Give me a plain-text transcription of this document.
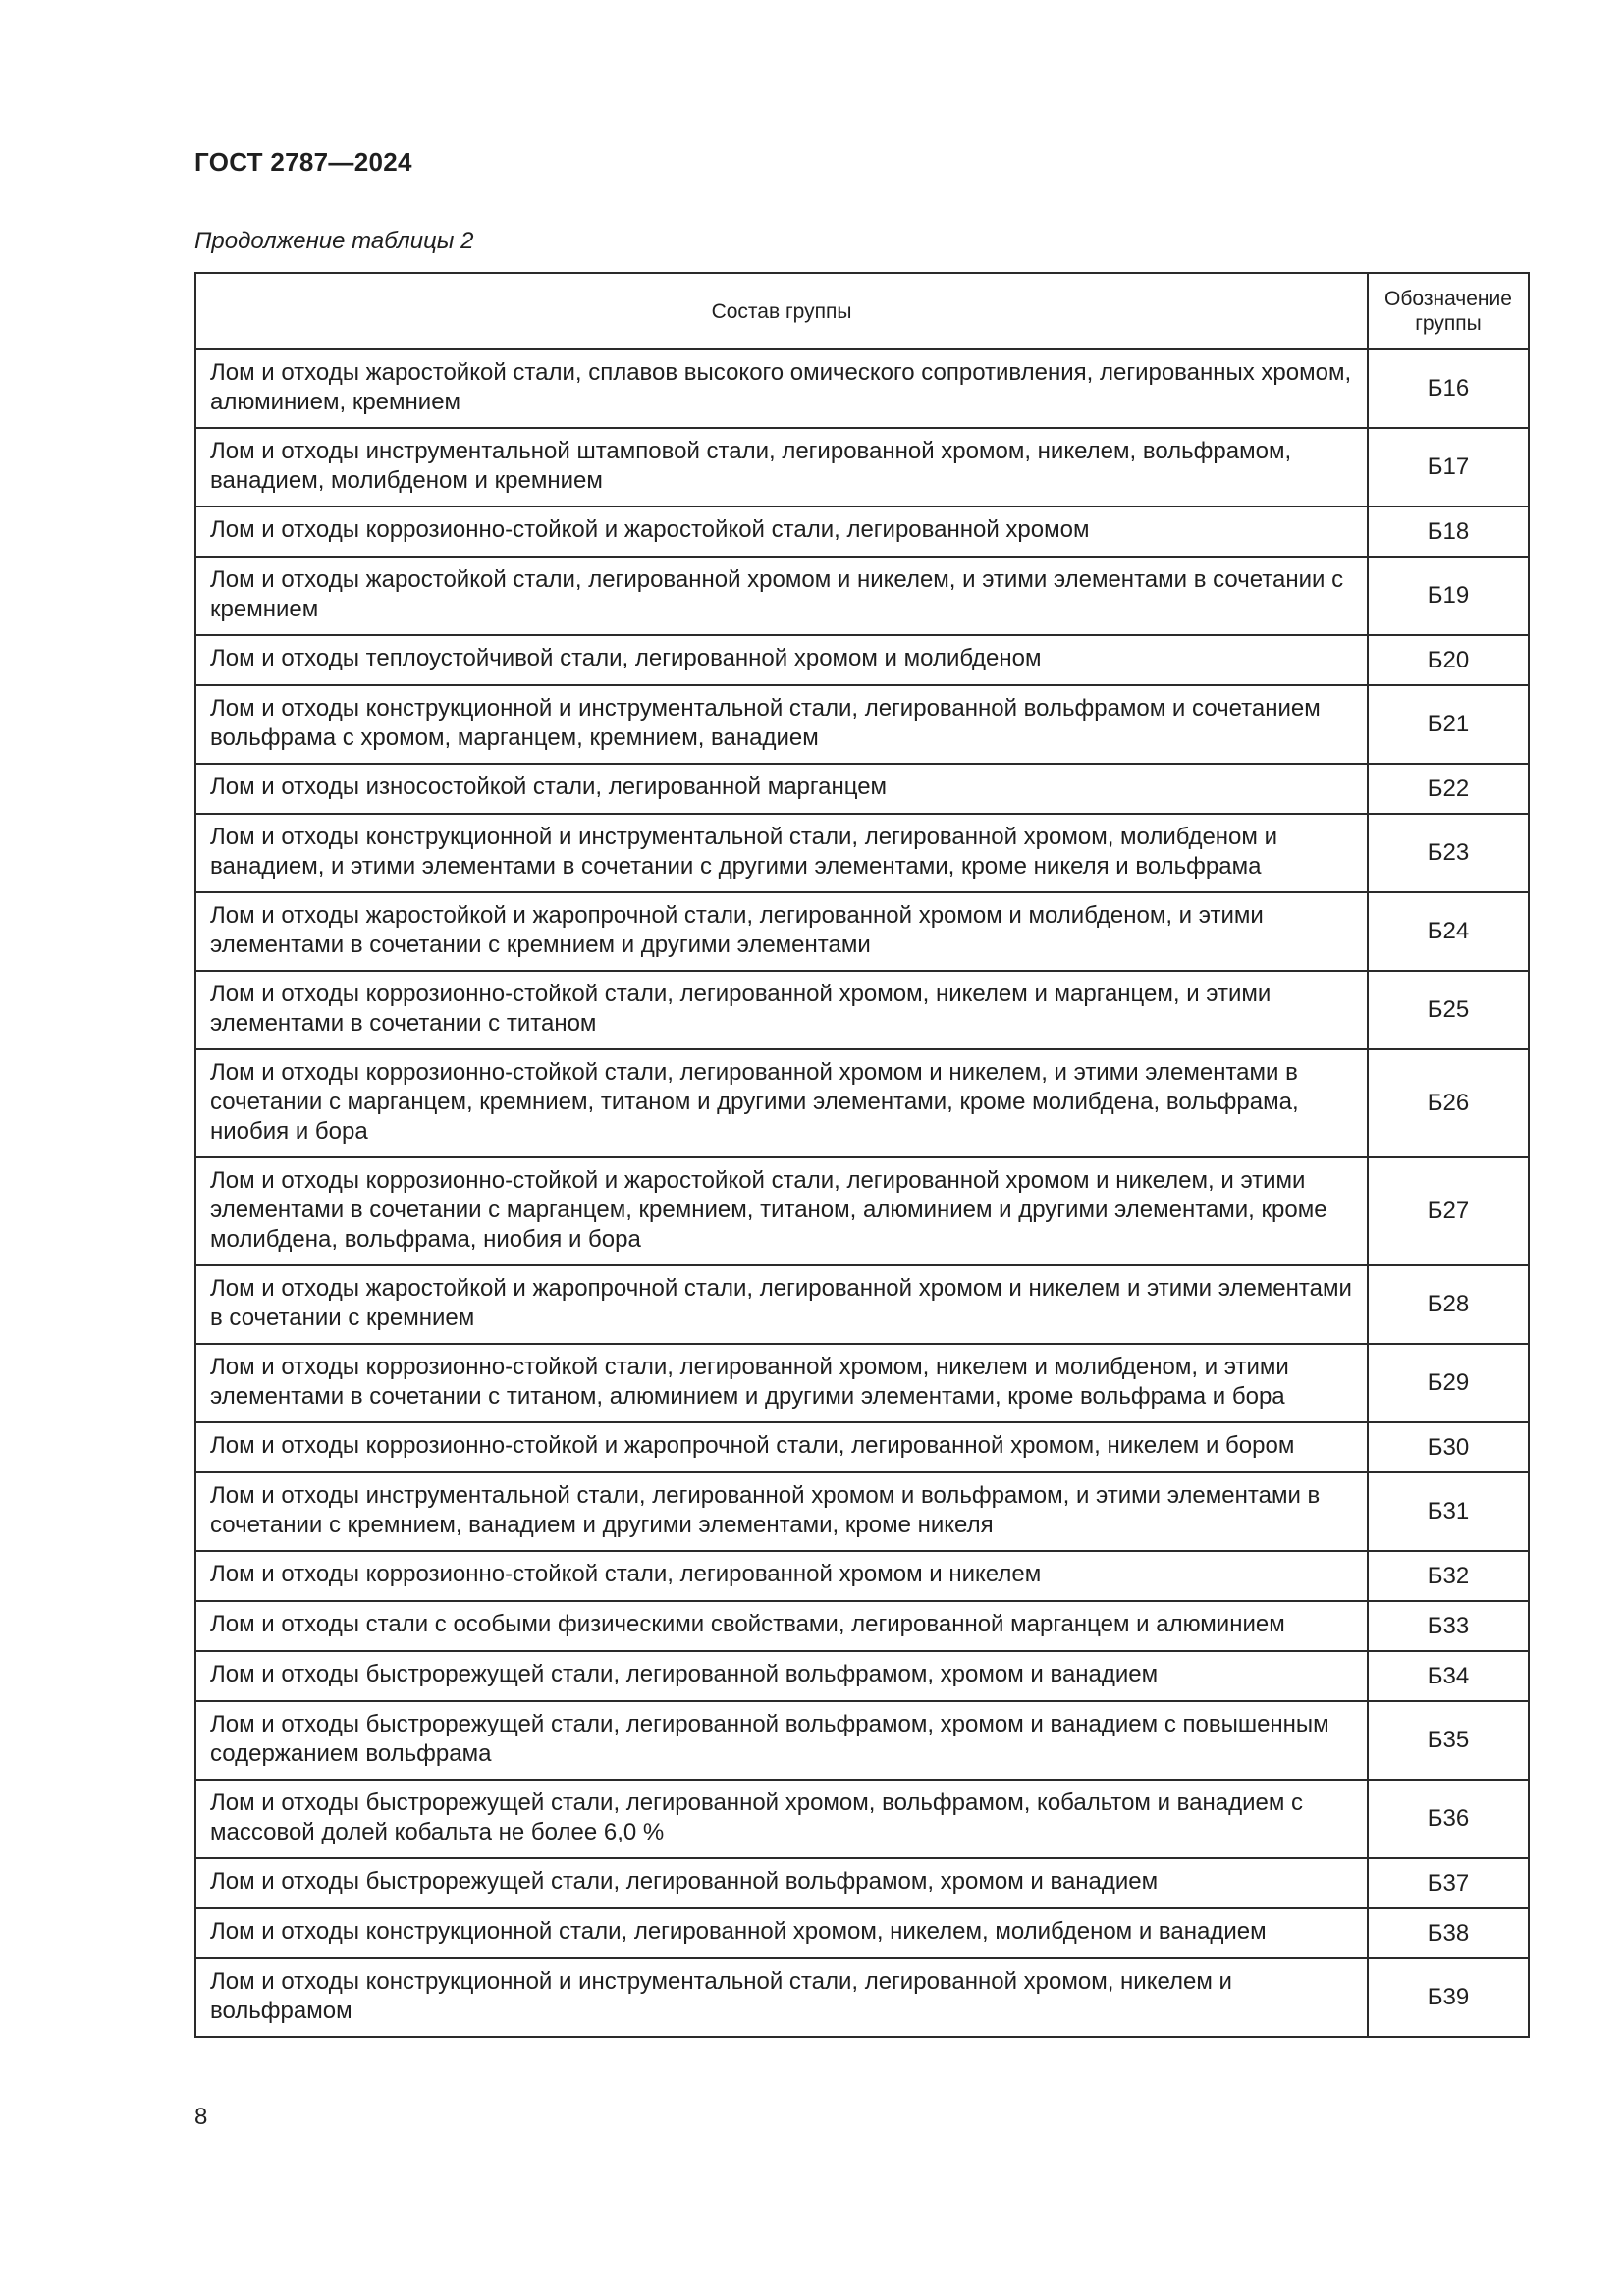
ГОСТ 2787—2024
Продолжение таблицы 2
Состав группы	Обозначение группы
Лом и отходы жаростойкой стали, сплавов высокого омического сопротивления, легированных хромом, алюминием, кремнием	Б16
Лом и отходы инструментальной штамповой стали, легированной хромом, никелем, вольфрамом, ванадием, молибденом и кремнием	Б17
Лом и отходы коррозионно-стойкой и жаростойкой стали, легированной хромом	Б18
Лом и отходы жаростойкой стали, легированной хромом и никелем, и этими элементами в сочетании с кремнием	Б19
Лом и отходы теплоустойчивой стали, легированной хромом и молибденом	Б20
Лом и отходы конструкционной и инструментальной стали, легированной вольфрамом и сочетанием вольфрама с хромом, марганцем, кремнием, ванадием	Б21
Лом и отходы износостойкой стали, легированной марганцем	Б22
Лом и отходы конструкционной и инструментальной стали, легированной хромом, молибденом и ванадием, и этими элементами в сочетании с другими элементами, кроме никеля и вольфрама	Б23
Лом и отходы жаростойкой и жаропрочной стали, легированной хромом и молибденом, и этими элементами в сочетании с кремнием и другими элементами	Б24
Лом и отходы коррозионно-стойкой стали, легированной хромом, никелем и марганцем, и этими элементами в сочетании с титаном	Б25
Лом и отходы коррозионно-стойкой стали, легированной хромом и никелем, и этими элементами в сочетании с марганцем, кремнием, титаном и другими элементами, кроме молибдена, вольфрама, ниобия и бора	Б26
Лом и отходы коррозионно-стойкой и жаростойкой стали, легированной хромом и никелем, и этими элементами в сочетании с марганцем, кремнием, титаном, алюминием и другими элементами, кроме молибдена, вольфрама, ниобия и бора	Б27
Лом и отходы жаростойкой и жаропрочной стали, легированной хромом и никелем и этими элементами в сочетании с кремнием	Б28
Лом и отходы коррозионно-стойкой стали, легированной хромом, никелем и молибденом, и этими элементами в сочетании с титаном, алюминием и другими элементами, кроме вольфрама и бора	Б29
Лом и отходы коррозионно-стойкой и жаропрочной стали, легированной хромом, никелем и бором	Б30
Лом и отходы инструментальной стали, легированной хромом и вольфрамом, и этими элементами в сочетании с кремнием, ванадием и другими элементами, кроме никеля	Б31
Лом и отходы коррозионно-стойкой стали, легированной хромом и никелем	Б32
Лом и отходы стали с особыми физическими свойствами, легированной марганцем и алюминием	Б33
Лом и отходы быстрорежущей стали, легированной вольфрамом, хромом и ванадием	Б34
Лом и отходы быстрорежущей стали, легированной вольфрамом, хромом и ванадием с повышенным содержанием вольфрама	Б35
Лом и отходы быстрорежущей стали, легированной хромом, вольфрамом, кобальтом и ванадием с массовой долей кобальта не более 6,0 %	Б36
Лом и отходы быстрорежущей стали, легированной вольфрамом, хромом и ванадием	Б37
Лом и отходы конструкционной стали, легированной хромом, никелем, молибденом и ванадием	Б38
Лом и отходы конструкционной и инструментальной стали, легированной хромом, никелем и вольфрамом	Б39
8
